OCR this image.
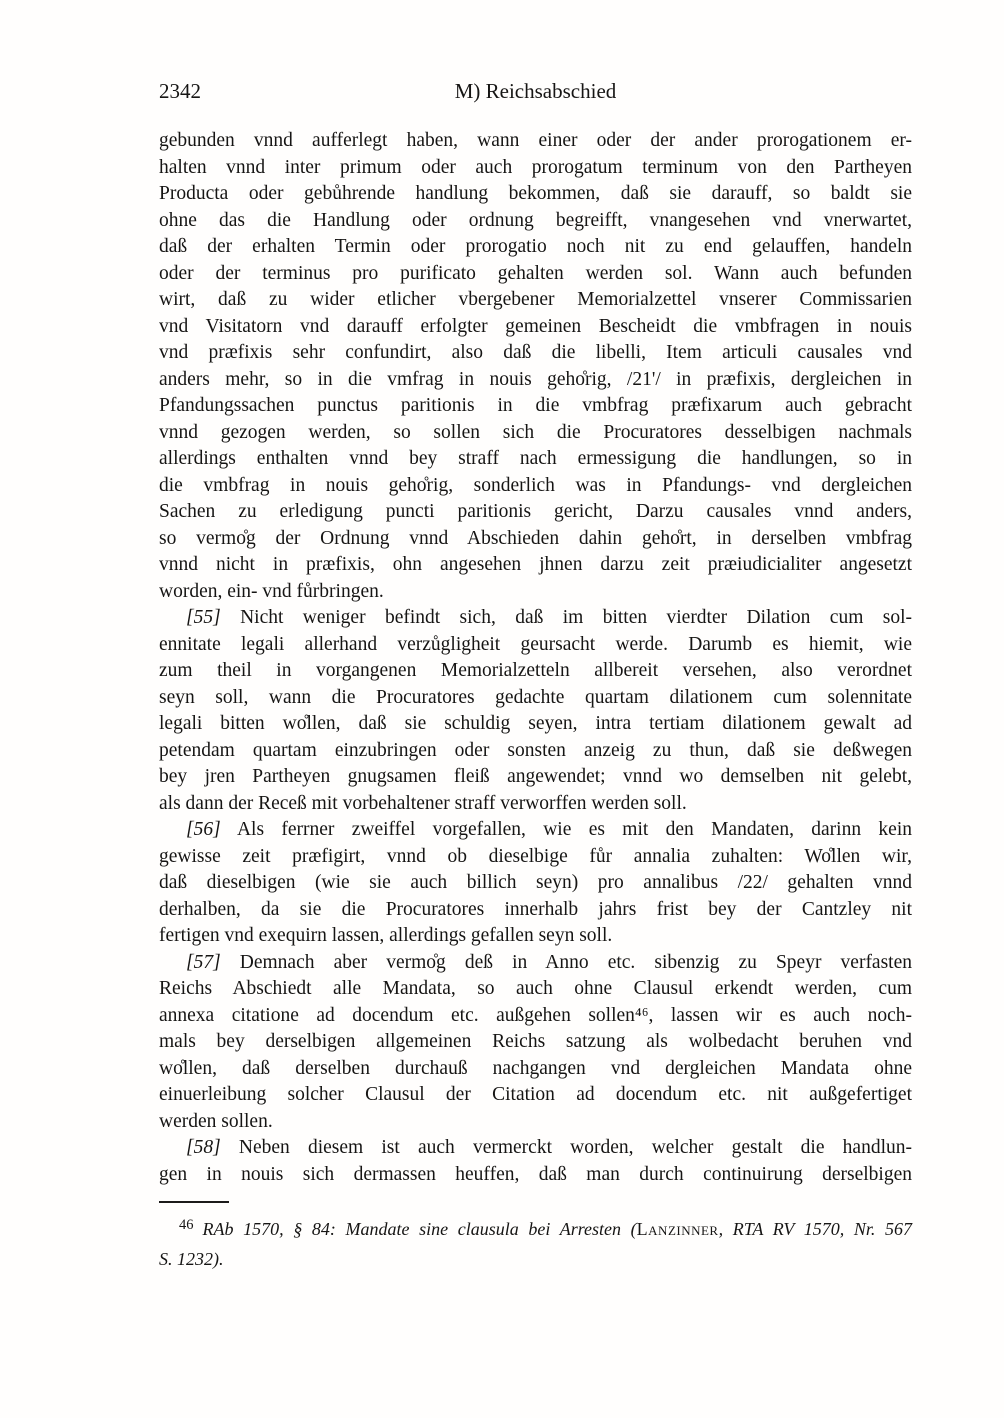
2342	M) Reichsabschied
gebunden vnnd aufferlegt haben, wann einer oder der ander prorogationem er-
halten vnnd inter primum oder auch prorogatum terminum von den Partheyen
Producta oder gebůhrende handlung bekommen, daß sie darauff, so baldt sie
ohne das die Handlung oder ordnung begreifft, vnangesehen vnd vnerwartet,
daß der erhalten Termin oder prorogatio noch nit zu end gelauffen, handeln
oder der terminus pro purificato gehalten werden sol. Wann auch befunden
wirt, daß zu wider etlicher vbergebener Memorialzettel vnserer Commissarien
vnd Visitatorn vnd darauff erfolgter gemeinen Bescheidt die vmbfragen in nouis
vnd præfixis sehr confundirt, also daß die libelli, Item articuli causales vnd
anders mehr, so in die vmfrag in nouis geho̊rig, /21'/ in præfixis, dergleichen in
Pfandungssachen punctus paritionis in die vmbfrag præfixarum auch gebracht
vnnd gezogen werden, so sollen sich die Procuratores desselbigen nachmals
allerdings enthalten vnnd bey straff nach ermessigung die handlungen, so in
die vmbfrag in nouis geho̊rig, sonderlich was in Pfandungs- vnd dergleichen
Sachen zu erledigung puncti paritionis gericht, Darzu causales vnnd anders,
so vermo̊g der Ordnung vnnd Abschieden dahin geho̊rt, in derselben vmbfrag
vnnd nicht in præfixis, ohn angesehen jhnen darzu zeit præiudicialiter angesetzt
worden, ein- vnd fůrbringen.
[55] Nicht weniger befindt sich, daß im bitten vierdter Dilation cum sol-
ennitate legali allerhand verzůgligheit geursacht werde. Darumb es hiemit, wie
zum theil in vorgangenen Memorialzetteln allbereit versehen, also verordnet
seyn soll, wann die Procuratores gedachte quartam dilationem cum solennitate
legali bitten wo̊llen, daß sie schuldig seyen, intra tertiam dilationem gewalt ad
petendam quartam einzubringen oder sonsten anzeig zu thun, daß sie deßwegen
bey jren Partheyen gnugsamen fleiß angewendet; vnnd wo demselben nit gelebt,
als dann der Receß mit vorbehaltener straff verworffen werden soll.
[56] Als ferrner zweiffel vorgefallen, wie es mit den Mandaten, darinn kein
gewisse zeit præfigirt, vnnd ob dieselbige fůr annalia zuhalten: Wo̊llen wir,
daß dieselbigen (wie sie auch billich seyn) pro annalibus /22/ gehalten vnnd
derhalben, da sie die Procuratores innerhalb jahrs frist bey der Cantzley nit
fertigen vnd exequirn lassen, allerdings gefallen seyn soll.
[57] Demnach aber vermo̊g deß in Anno etc. sibenzig zu Speyr verfasten
Reichs Abschiedt alle Mandata, so auch ohne Clausul erkendt werden, cum
annexa citatione ad docendum etc. außgehen sollen⁴⁶, lassen wir es auch noch-
mals bey derselbigen allgemeinen Reichs satzung als wolbedacht beruhen vnd
wo̊llen, daß derselben durchauß nachgangen vnd dergleichen Mandata ohne
einuerleibung solcher Clausul der Citation ad docendum etc. nit außgefertiget
werden sollen.
[58] Neben diesem ist auch vermerckt worden, welcher gestalt die handlun-
gen in nouis sich dermassen heuffen, daß man durch continuirung derselbigen
$^{46}$ RAb 1570, § 84: Mandate sine clausula bei Arresten (Lanzinner, RTA RV 1570, Nr. 567
S. 1232).
